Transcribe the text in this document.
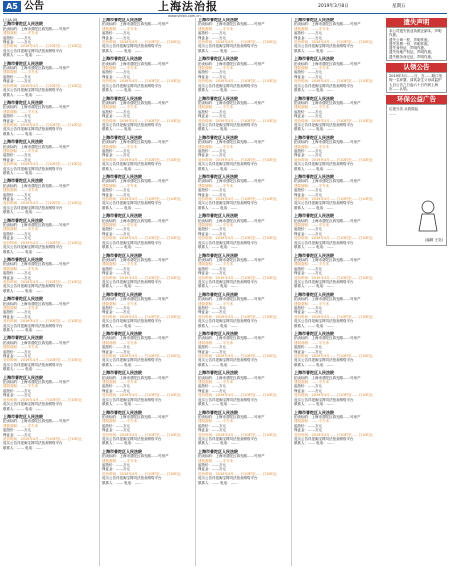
A5 公告	上海法治报	2019年3月8日	星期五
www.shfzb.com.cn
(上)A 05
上海市普陀区人民法院
拍卖标的：上海市普陀区真光路……号房产
建筑面积：……平方米
起拍价：……万元
保证金：……万元
竞价时间：2019年4月……日10时至……日10时止
竞买公告详见淘宝网司法拍卖网络平台
联系人：…… 电话：……
上海市普陀区人民法院
拍卖标的：上海市普陀区真光路……号房产
建筑面积：……平方米
起拍价：……万元
保证金：……万元
竞价时间：2019年4月……日10时至……日10时止
竞买公告详见淘宝网司法拍卖网络平台
联系人：…… 电话：……
上海市普陀区人民法院
拍卖标的：上海市普陀区真光路……号房产
建筑面积：……平方米
起拍价：……万元
保证金：……万元
竞价时间：2019年4月……日10时至……日10时止
竞买公告详见淘宝网司法拍卖网络平台
联系人：…… 电话：……
上海市普陀区人民法院
拍卖标的：上海市普陀区真光路……号房产
建筑面积：……平方米
起拍价：……万元
保证金：……万元
竞价时间：2019年4月……日10时至……日10时止
竞买公告详见淘宝网司法拍卖网络平台
联系人：…… 电话：……
上海市普陀区人民法院
拍卖标的：上海市普陀区真光路……号房产
建筑面积：……平方米
起拍价：……万元
保证金：……万元
竞价时间：2019年4月……日10时至……日10时止
竞买公告详见淘宝网司法拍卖网络平台
联系人：…… 电话：……
上海市普陀区人民法院
拍卖标的：上海市普陀区真光路……号房产
建筑面积：……平方米
起拍价：……万元
保证金：……万元
竞价时间：2019年4月……日10时至……日10时止
竞买公告详见淘宝网司法拍卖网络平台
联系人：…… 电话：……
上海市普陀区人民法院
拍卖标的：上海市普陀区真光路……号房产
建筑面积：……平方米
起拍价：……万元
保证金：……万元
竞价时间：2019年4月……日10时至……日10时止
竞买公告详见淘宝网司法拍卖网络平台
联系人：…… 电话：……
上海市普陀区人民法院
拍卖标的：上海市普陀区真光路……号房产
建筑面积：……平方米
起拍价：……万元
保证金：……万元
竞价时间：2019年4月……日10时至……日10时止
竞买公告详见淘宝网司法拍卖网络平台
联系人：…… 电话：……
上海市普陀区人民法院
拍卖标的：上海市普陀区真光路……号房产
建筑面积：……平方米
起拍价：……万元
保证金：……万元
竞价时间：2019年4月……日10时至……日10时止
竞买公告详见淘宝网司法拍卖网络平台
联系人：…… 电话：……
上海市普陀区人民法院
拍卖标的：上海市普陀区真光路……号房产
建筑面积：……平方米
起拍价：……万元
保证金：……万元
竞价时间：2019年4月……日10时至……日10时止
竞买公告详见淘宝网司法拍卖网络平台
联系人：…… 电话：……
上海市普陀区人民法院
拍卖标的：上海市普陀区真光路……号房产
建筑面积：……平方米
起拍价：……万元
保证金：……万元
竞价时间：2019年4月……日10时至……日10时止
竞买公告详见淘宝网司法拍卖网络平台
联系人：…… 电话：……
上海市普陀区人民法院
拍卖标的：上海市普陀区真光路……号房产
建筑面积：……平方米
起拍价：……万元
保证金：……万元
竞价时间：2019年4月……日10时至……日10时止
竞买公告详见淘宝网司法拍卖网络平台
联系人：…… 电话：……
上海市普陀区人民法院
拍卖标的：上海市普陀区真光路……号房产
建筑面积：……平方米
起拍价：……万元
保证金：……万元
竞价时间：2019年4月……日10时至……日10时止
竞买公告详见淘宝网司法拍卖网络平台
联系人：…… 电话：……
上海市普陀区人民法院
拍卖标的：上海市普陀区真光路……号房产
建筑面积：……平方米
起拍价：……万元
保证金：……万元
竞价时间：2019年4月……日10时至……日10时止
竞买公告详见淘宝网司法拍卖网络平台
联系人：…… 电话：……
上海市普陀区人民法院
拍卖标的：上海市普陀区真光路……号房产
建筑面积：……平方米
起拍价：……万元
保证金：……万元
竞价时间：2019年4月……日10时至……日10时止
竞买公告详见淘宝网司法拍卖网络平台
联系人：…… 电话：……
上海市普陀区人民法院
拍卖标的：上海市普陀区真光路……号房产
建筑面积：……平方米
起拍价：……万元
保证金：……万元
竞价时间：2019年4月……日10时至……日10时止
竞买公告详见淘宝网司法拍卖网络平台
联系人：…… 电话：……
上海市普陀区人民法院
拍卖标的：上海市普陀区真光路……号房产
建筑面积：……平方米
起拍价：……万元
保证金：……万元
竞价时间：2019年4月……日10时至……日10时止
竞买公告详见淘宝网司法拍卖网络平台
联系人：…… 电话：……
上海市普陀区人民法院
拍卖标的：上海市普陀区真光路……号房产
建筑面积：……平方米
起拍价：……万元
保证金：……万元
竞价时间：2019年4月……日10时至……日10时止
竞买公告详见淘宝网司法拍卖网络平台
联系人：…… 电话：……
上海市普陀区人民法院
拍卖标的：上海市普陀区真光路……号房产
建筑面积：……平方米
起拍价：……万元
保证金：……万元
竞价时间：2019年4月……日10时至……日10时止
竞买公告详见淘宝网司法拍卖网络平台
联系人：…… 电话：……
上海市普陀区人民法院
拍卖标的：上海市普陀区真光路……号房产
建筑面积：……平方米
起拍价：……万元
保证金：……万元
竞价时间：2019年4月……日10时至……日10时止
竞买公告详见淘宝网司法拍卖网络平台
联系人：…… 电话：……
上海市普陀区人民法院
拍卖标的：上海市普陀区真光路……号房产
建筑面积：……平方米
起拍价：……万元
保证金：……万元
竞价时间：2019年4月……日10时至……日10时止
竞买公告详见淘宝网司法拍卖网络平台
联系人：…… 电话：……
上海市普陀区人民法院
拍卖标的：上海市普陀区真光路……号房产
建筑面积：……平方米
起拍价：……万元
保证金：……万元
竞价时间：2019年4月……日10时至……日10时止
竞买公告详见淘宝网司法拍卖网络平台
联系人：…… 电话：……
上海市普陀区人民法院
拍卖标的：上海市普陀区真光路……号房产
建筑面积：……平方米
起拍价：……万元
保证金：……万元
竞价时间：2019年4月……日10时至……日10时止
竞买公告详见淘宝网司法拍卖网络平台
联系人：…… 电话：……
上海市普陀区人民法院
拍卖标的：上海市普陀区真光路……号房产
建筑面积：……平方米
起拍价：……万元
保证金：……万元
竞价时间：2019年4月……日10时至……日10时止
竞买公告详见淘宝网司法拍卖网络平台
联系人：…… 电话：……
上海市普陀区人民法院
拍卖标的：上海市普陀区真光路……号房产
建筑面积：……平方米
起拍价：……万元
保证金：……万元
竞价时间：2019年4月……日10时至……日10时止
竞买公告详见淘宝网司法拍卖网络平台
联系人：…… 电话：……
上海市普陀区人民法院
拍卖标的：上海市普陀区真光路……号房产
建筑面积：……平方米
起拍价：……万元
保证金：……万元
竞价时间：2019年4月……日10时至……日10时止
竞买公告详见淘宝网司法拍卖网络平台
联系人：…… 电话：……
上海市普陀区人民法院
拍卖标的：上海市普陀区真光路……号房产
建筑面积：……平方米
起拍价：……万元
保证金：……万元
竞价时间：2019年4月……日10时至……日10时止
竞买公告详见淘宝网司法拍卖网络平台
联系人：…… 电话：……
上海市普陀区人民法院
拍卖标的：上海市普陀区真光路……号房产
建筑面积：……平方米
起拍价：……万元
保证金：……万元
竞价时间：2019年4月……日10时至……日10时止
竞买公告详见淘宝网司法拍卖网络平台
联系人：…… 电话：……
上海市普陀区人民法院
拍卖标的：上海市普陀区真光路……号房产
建筑面积：……平方米
起拍价：……万元
保证金：……万元
竞价时间：2019年4月……日10时至……日10时止
竞买公告详见淘宝网司法拍卖网络平台
联系人：…… 电话：……
上海市普陀区人民法院
拍卖标的：上海市普陀区真光路……号房产
建筑面积：……平方米
起拍价：……万元
保证金：……万元
竞价时间：2019年4月……日10时至……日10时止
竞买公告详见淘宝网司法拍卖网络平台
联系人：…… 电话：……
上海市普陀区人民法院
拍卖标的：上海市普陀区真光路……号房产
建筑面积：……平方米
起拍价：……万元
保证金：……万元
竞价时间：2019年4月……日10时至……日10时止
竞买公告详见淘宝网司法拍卖网络平台
联系人：…… 电话：……
上海市普陀区人民法院
拍卖标的：上海市普陀区真光路……号房产
建筑面积：……平方米
起拍价：……万元
保证金：……万元
竞价时间：2019年4月……日10时至……日10时止
竞买公告详见淘宝网司法拍卖网络平台
联系人：…… 电话：……
上海市普陀区人民法院
拍卖标的：上海市普陀区真光路……号房产
建筑面积：……平方米
起拍价：……万元
保证金：……万元
竞价时间：2019年4月……日10时至……日10时止
竞买公告详见淘宝网司法拍卖网络平台
联系人：…… 电话：……
上海市普陀区人民法院
拍卖标的：上海市普陀区真光路……号房产
建筑面积：……平方米
起拍价：……万元
保证金：……万元
竞价时间：2019年4月……日10时至……日10时止
竞买公告详见淘宝网司法拍卖网络平台
联系人：…… 电话：……
上海市普陀区人民法院
拍卖标的：上海市普陀区真光路……号房产
建筑面积：……平方米
起拍价：……万元
保证金：……万元
竞价时间：2019年4月……日10时至……日10时止
竞买公告详见淘宝网司法拍卖网络平台
联系人：…… 电话：……
上海市普陀区人民法院
拍卖标的：上海市普陀区真光路……号房产
建筑面积：……平方米
起拍价：……万元
保证金：……万元
竞价时间：2019年4月……日10时至……日10时止
竞买公告详见淘宝网司法拍卖网络平台
联系人：…… 电话：……
上海市普陀区人民法院
拍卖标的：上海市普陀区真光路……号房产
建筑面积：……平方米
起拍价：……万元
保证金：……万元
竞价时间：2019年4月……日10时至……日10时止
竞买公告详见淘宝网司法拍卖网络平台
联系人：…… 电话：……
上海市普陀区人民法院
拍卖标的：上海市普陀区真光路……号房产
建筑面积：……平方米
起拍价：……万元
保证金：……万元
竞价时间：2019年4月……日10时至……日10时止
竞买公告详见淘宝网司法拍卖网络平台
联系人：…… 电话：……
上海市普陀区人民法院
拍卖标的：上海市普陀区真光路……号房产
建筑面积：……平方米
起拍价：……万元
保证金：……万元
竞价时间：2019年4月……日10时至……日10时止
竞买公告详见淘宝网司法拍卖网络平台
联系人：…… 电话：……
上海市普陀区人民法院
拍卖标的：上海市普陀区真光路……号房产
建筑面积：……平方米
起拍价：……万元
保证金：……万元
竞价时间：2019年4月……日10时至……日10时止
竞买公告详见淘宝网司法拍卖网络平台
联系人：…… 电话：……
上海市普陀区人民法院
拍卖标的：上海市普陀区真光路……号房产
建筑面积：……平方米
起拍价：……万元
保证金：……万元
竞价时间：2019年4月……日10时至……日10时止
竞买公告详见淘宝网司法拍卖网络平台
联系人：…… 电话：……
上海市普陀区人民法院
拍卖标的：上海市普陀区真光路……号房产
建筑面积：……平方米
起拍价：……万元
保证金：……万元
竞价时间：2019年4月……日10时至……日10时止
竞买公告详见淘宝网司法拍卖网络平台
联系人：…… 电话：……
上海市普陀区人民法院
拍卖标的：上海市普陀区真光路……号房产
建筑面积：……平方米
起拍价：……万元
保证金：……万元
竞价时间：2019年4月……日10时至……日10时止
竞买公告详见淘宝网司法拍卖网络平台
联系人：…… 电话：……
上海市普陀区人民法院
拍卖标的：上海市普陀区真光路……号房产
建筑面积：……平方米
起拍价：……万元
保证金：……万元
竞价时间：2019年4月……日10时至……日10时止
竞买公告详见淘宝网司法拍卖网络平台
联系人：…… 电话：……
上海市普陀区人民法院
拍卖标的：上海市普陀区真光路……号房产
建筑面积：……平方米
起拍价：……万元
保证金：……万元
竞价时间：2019年4月……日10时至……日10时止
竞买公告详见淘宝网司法拍卖网络平台
联系人：…… 电话：……
上海市普陀区人民法院
拍卖标的：上海市普陀区真光路……号房产
建筑面积：……平方米
起拍价：……万元
保证金：……万元
竞价时间：2019年4月……日10时至……日10时止
竞买公告详见淘宝网司法拍卖网络平台
联系人：…… 电话：……
遗失声明
本公司遗失营业执照正副本，声明作废。
遗失公章一枚，声明作废。
遗失发票一份，声明作废。
遗失身份证，声明作废。
遗失房地产权证，声明作废。
遗失税务登记证，声明作废。
认领公告
2019年3月……日，在……路口发现一名弃婴，请其亲生父母或监护人自公告之日起六十日内到上海市……认领。
环保公益广告
垃圾分类 从我做起
……
(编辑 王奕)
